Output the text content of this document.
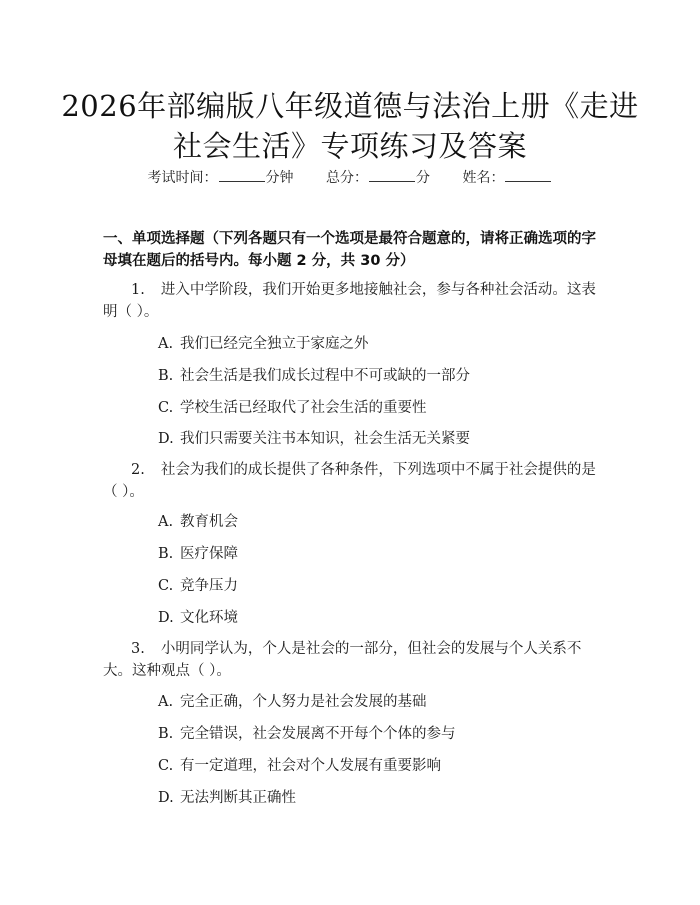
2026年部编版八年级道德与法治上册《走进
社会生活》专项练习及答案
考试时间：	分钟 总分：	分 姓名：
一、单项选择题（下列各题只有一个选项是最符合题意的，请将正确选项的字母填在题后的括号内。每小题 2 分，共 30 分）
1. 进入中学阶段，我们开始更多地接触社会，参与各种社会活动。这表明（ ）。
A. 我们已经完全独立于家庭之外
B. 社会生活是我们成长过程中不可或缺的一部分
C. 学校生活已经取代了社会生活的重要性
D. 我们只需要关注书本知识，社会生活无关紧要
2. 社会为我们的成长提供了各种条件，下列选项中不属于社会提供的是（ ）。
A. 教育机会
B. 医疗保障
C. 竞争压力
D. 文化环境
3. 小明同学认为，个人是社会的一部分，但社会的发展与个人关系不大。这种观点（ ）。
A. 完全正确，个人努力是社会发展的基础
B. 完全错误，社会发展离不开每个个体的参与
C. 有一定道理，社会对个人发展有重要影响
D. 无法判断其正确性
